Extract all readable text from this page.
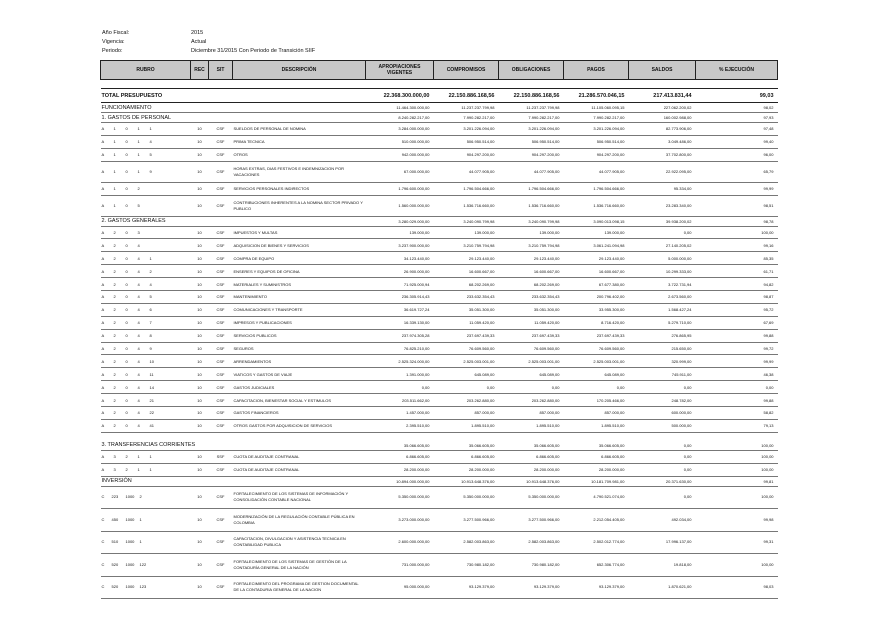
Año Fiscal:	2015
Vigencia:	Actual
Periodo:	Diciembre 31/2015 Con Periodo de Transición SIIF
RUBRO	REC	SIT	DESCRIPCIÓN	APROPIACIONES VIGENTES	COMPROMISOS	OBLIGACIONES	PAGOS	SALDOS	% EJECUCIÓN

TOTAL PRESUPUESTO				22.368.300.000,00	22.150.886.168,56	22.150.886.168,56	21.286.570.046,15	217.413.831,44	99,03
FUNCIONAMIENTO				11.464.300.000,00	11.237.237.799,98	11.237.237.799,98	11.105.060.095,15	227.062.200,02	98,02
1. GASTOS DE PERSONAL				8.240.282.217,00	7.990.282.217,00	7.990.282.217,00	7.990.282.217,00	160.002.988,00	97,93
A 1 0 1 1	10	CSF	SUELDOS DE PERSONAL DE NOMINA	3.284.000.000,00	3.201.226.094,00	3.201.226.094,00	3.201.226.094,00	82.773.906,00	97,48
A 1 0 1 4	10	CSF	PRIMA TECNICA	510.000.000,00	506.950.514,00	506.950.514,00	506.950.514,00	3.049.486,00	99,40
A 1 0 1 5	10	CSF	OTROS	942.000.000,00	904.297.200,00	904.297.200,00	904.297.200,00	37.702.800,00	96,00
A 1 0 1 9	10	CSF	HORAS EXTRAS, DIAS FESTIVOS E INDEMNIZACION POR VACACIONES	67.000.000,00	44.077.905,00	44.077.905,00	44.077.905,00	22.922.095,00	65,79
A 1 0 2	10	CSF	SERVICIOS PERSONALES INDIRECTOS	1.796.600.000,00	1.796.504.666,00	1.796.504.666,00	1.796.504.666,00	95.334,00	99,99
A 1 0 5	10	CSF	CONTRIBUCIONES INHERENTES A LA NOMINA SECTOR PRIVADO Y PUBLICO	1.560.000.000,00	1.536.716.660,00	1.536.716.660,00	1.536.716.660,00	23.283.340,00	98,51
2. GASTOS GENERALES				3.280.029.000,00	3.240.090.799,98	3.240.090.799,98	3.090.013.098,15	39.938.200,02	98,78
A 2 0 3	10	CSF	IMPUESTOS Y MULTAS	139.000,00	139.000,00	139.000,00	139.000,00	0,00	100,00
A 2 0 4	10	CSF	ADQUISICION DE BIENES Y SERVICIOS	3.237.900.000,00	3.210.759.794,98	3.210.759.794,98	3.061.241.094,98	27.140.205,02	99,16
A 2 0 4 1	10	CSF	COMPRA DE EQUIPO	34.123.440,00	29.123.440,00	29.123.440,00	29.123.440,00	5.000.000,00	85,35
A 2 0 4 2	10	CSF	ENSERES Y EQUIPOS DE OFICINA	26.900.000,00	16.600.667,00	16.600.667,00	16.600.667,00	10.299.333,00	61,71
A 2 0 4 4	10	CSF	MATERIALES Y SUMINISTROS	71.925.000,94	68.202.269,00	68.202.269,00	67.677.380,00	3.722.731,94	94,82
A 2 0 4 5	10	CSF	MANTENIMIENTO	236.305.914,43	233.632.354,43	233.632.354,43	200.796.402,00	2.673.560,00	98,87
A 2 0 4 6	10	CSF	COMUNICACIONES Y TRANSPORTE	36.619.727,24	35.051.300,00	35.051.300,00	33.955.300,00	1.568.427,24	95,72
A 2 0 4 7	10	CSF	IMPRESOS Y PUBLICACIONES	16.339.130,00	11.059.420,00	11.059.420,00	8.716.420,00	5.279.710,00	67,69
A 2 0 4 8	10	CSF	SERVICIOS PUBLICOS	237.974.305,28	237.697.439,33	237.697.439,33	237.697.439,33	276.865,95	99,88
A 2 0 4 9	10	CSF	SEGUROS	76.825.210,00	76.609.560,00	76.609.560,00	76.609.560,00	215.650,00	99,72
A 2 0 4 10	10	CSF	ARRENDAMIENTOS	2.525.324.000,00	2.525.003.001,00	2.525.003.001,00	2.525.003.001,00	320.999,00	99,99
A 2 0 4 11	10	CSF	VIATICOS Y GASTOS DE VIAJE	1.391.000,00	645.089,00	645.089,00	645.089,00	745.911,00	46,38
A 2 0 4 14	10	CSF	GASTOS JUDICIALES	0,00	0,00	0,00	0,00	0,00	0,00
A 2 0 4 21	10	CSF	CAPACITACION, BIENESTAR SOCIAL Y ESTIMULOS	203.511.662,00	203.262.880,00	203.262.880,00	170.205.466,00	248.782,00	99,88
A 2 0 4 22	10	CSF	GASTOS FINANCIEROS	1.457.000,00	857.000,00	857.000,00	857.000,00	600.000,00	58,82
A 2 0 4 41	10	CSF	OTROS GASTOS POR ADQUISICION DE SERVICIOS	2.395.510,00	1.895.510,00	1.895.510,00	1.895.510,00	500.000,00	79,13

3. TRANSFERENCIAS CORRIENTES				35.066.605,00	35.066.605,00	35.066.605,00	35.066.605,00	0,00	100,00
A 3 2 1 1	10	SSF	CUOTA DE AUDITAJE CONTRANAL	6.866.605,00	6.866.605,00	6.866.605,00	6.866.605,00	0,00	100,00
A 3 2 1 1	10	CSF	CUOTA DE AUDITAJE CONTRANAL	28.200.000,00	28.200.000,00	28.200.000,00	28.200.000,00	0,00	100,00
INVERSIÓN				10.894.000.000,00	10.913.648.376,00	10.913.648.376,00	10.181.709.981,00	20.371.630,00	99,81
C 223 1000 2	10	CSF	FORTALECIMIENTO DE LOS SISTEMAS DE INFORMACIÓN Y CONSOLIDACIÓN CONTABLE NACIONAL	5.350.000.000,00	5.350.000.000,00	5.350.000.000,00	4.790.521.074,00	0,00	100,00
C 450 1000 1	10	CSF	MODERNIZACIÓN DE LA REGULACIÓN CONTABLE PÚBLICA EN COLOMBIA	3.273.000.000,00	3.277.500.966,00	3.277.500.966,00	2.212.054.405,00	492.034,00	99,98
C 510 1000 1	10	CSF	CAPACITACION, DIVULGACION Y ASISTENCIA TECNICA EN CONTABILIDAD PUBLICA	2.600.000.000,00	2.582.003.863,00	2.582.003.863,00	2.502.012.774,00	17.996.137,00	99,31
C 520 1000 122	10	CSF	FORTALECIMIENTO DE LOS SISTEMAS DE GESTIÓN DE LA CONTADURÍA GENERAL DE LA NACIÓN	731.000.000,00	730.980.182,00	730.980.182,00	652.306.774,00	19.818,00	100,00
C 520 1000 123	10	CSF	FORTALECIMIENTO DEL PROGRAMA DE GESTION DOCUMENTAL DE LA CONTADURIA GENERAL DE LA NACION	95.000.000,00	93.129.379,00	93.129.379,00	93.129.379,00	1.870.621,00	98,03
